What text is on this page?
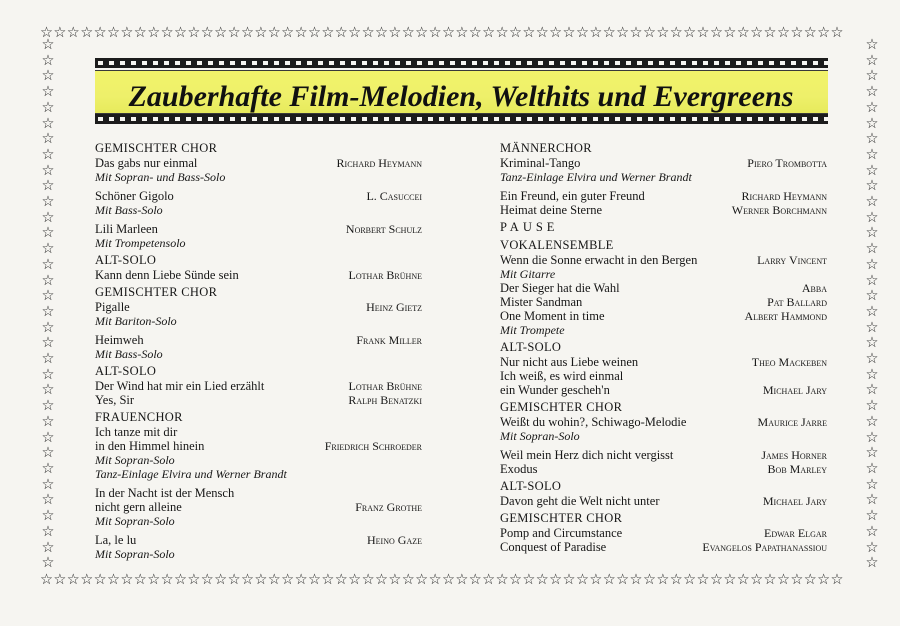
☆☆☆☆☆☆☆☆☆☆☆☆☆☆☆☆☆☆☆☆☆☆☆☆☆☆☆☆☆☆☆☆☆☆☆☆☆☆☆☆☆☆☆☆☆☆☆☆☆☆☆☆☆☆☆☆☆☆☆☆
☆☆☆☆☆☆☆☆☆☆☆☆☆☆☆☆☆☆☆☆☆☆☆☆☆☆☆☆☆☆☆☆☆☆☆☆☆☆☆☆☆☆☆☆☆☆☆☆☆☆☆☆☆☆☆☆☆☆☆☆
☆☆☆☆☆☆☆☆☆☆☆☆☆☆☆☆☆☆☆☆☆☆☆☆☆☆☆☆☆☆☆☆☆☆
☆☆☆☆☆☆☆☆☆☆☆☆☆☆☆☆☆☆☆☆☆☆☆☆☆☆☆☆☆☆☆☆☆☆
Zauberhafte Film-Melodien, Welthits und Evergreens
GEMISCHTER CHOR
Das gabs nur einmal	Richard Heymann
Mit Sopran- und Bass-Solo
Schöner Gigolo	L. Casuccei
Mit Bass-Solo
Lili Marleen	Norbert Schulz
Mit Trompetensolo
ALT-SOLO
Kann denn Liebe Sünde sein	Lothar Brühne
GEMISCHTER CHOR
Pigalle	Heinz Gietz
Mit Bariton-Solo
Heimweh	Frank Miller
Mit Bass-Solo
ALT-SOLO
Der Wind hat mir ein Lied erzählt	Lothar Brühne
Yes, Sir	Ralph Benatzki
FRAUENCHOR
Ich tanze mit dir
in den Himmel hinein	Friedrich Schroeder
Mit Sopran-Solo
Tanz-Einlage Elvira und Werner Brandt
In der Nacht ist der Mensch
nicht gern alleine	Franz Grothe
Mit Sopran-Solo
La, le lu	Heino Gaze
Mit Sopran-Solo
MÄNNERCHOR
Kriminal-Tango	Piero Trombotta
Tanz-Einlage Elvira und Werner Brandt
Ein Freund, ein guter Freund	Richard Heymann
Heimat deine Sterne	Werner Borchmann
PAUSE
VOKALENSEMBLE
Wenn die Sonne erwacht in den Bergen	Larry Vincent
Mit Gitarre
Der Sieger hat die Wahl	Abba
Mister Sandman	Pat Ballard
One Moment in time	Albert Hammond
Mit Trompete
ALT-SOLO
Nur nicht aus Liebe weinen	Theo Mackeben
Ich weiß, es wird einmal
ein Wunder gescheh'n	Michael Jary
GEMISCHTER CHOR
Weißt du wohin?, Schiwago-Melodie	Maurice Jarre
Mit Sopran-Solo
Weil mein Herz dich nicht vergisst	James Horner
Exodus	Bob Marley
ALT-SOLO
Davon geht die Welt nicht unter	Michael Jary
GEMISCHTER CHOR
Pomp and Circumstance	Edwar Elgar
Conquest of Paradise	Evangelos Papathanassiou
